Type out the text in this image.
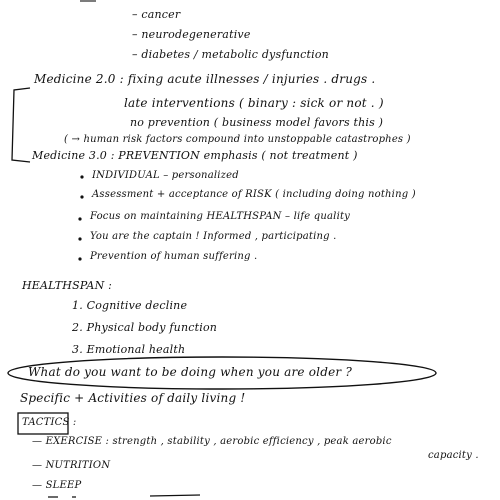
– cancer
– neurodegenerative
– diabetes / metabolic dysfunction
Medicine 2.0 : fixing acute illnesses / injuries . drugs .
late interventions ( binary : sick or not . )
no prevention ( business model favors this )
( → human risk factors compound into unstoppable catastrophes )
Medicine 3.0 : PREVENTION emphasis ( not treatment )
INDIVIDUAL – personalized
Assessment + acceptance of RISK ( including doing nothing )
Focus on maintaining HEALTHSPAN – life quality
You are the captain ! Informed , participating .
Prevention of human suffering .
HEALTHSPAN :
1. Cognitive decline
2. Physical body function
3. Emotional health
What do you want to be doing when you are older ?
Specific + Activities of daily living !
TACTICS :
— EXERCISE : strength , stability , aerobic efficiency , peak aerobic
capacity .
— NUTRITION
— SLEEP
